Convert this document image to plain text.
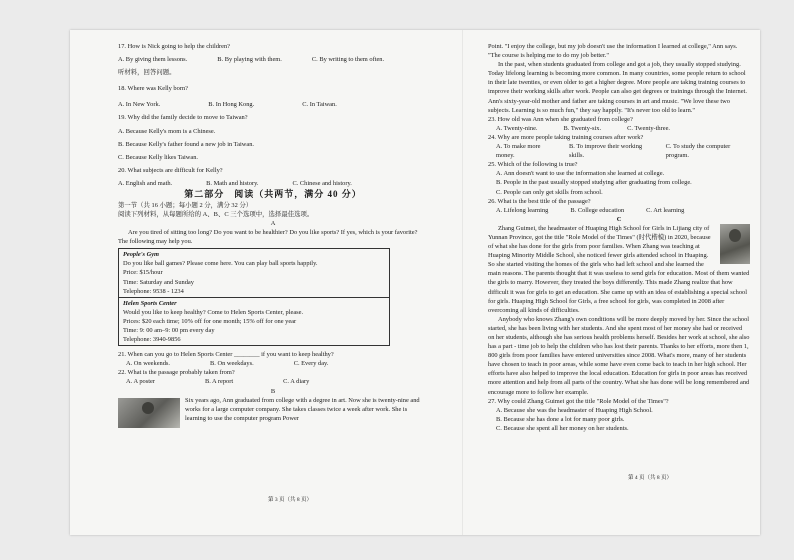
17. How is Nick going to help the children?

A. By giving them lessons.	B. By playing with them.	C. By writing to them often.

听材料，回答问题。

18. Where was Kelly born?

A. In New York.	B. In Hong Kong.	C. In Taiwan.

19. Why did the family decide to move to Taiwan?

A. Because Kelly's mom is a Chinese.

B. Because Kelly's father found a new job in Taiwan.

C. Because Kelly likes Taiwan.

20. What subjects are difficult for Kelly?

A. English and math.	B. Math and history.	C. Chinese and history.

第二部分　阅读（共两节，满分 40 分）

第一节（共 16 小题；每小题 2 分，满分 32 分）

阅读下列材料，从每题所给的 A、B、C 三个选项中，选择最佳选项。

A

Are you tired of sitting too long? Do you want to be healthier? Do you like sports? If yes, which is your favorite? The following may help you.

People's Gym

Do you like ball games? Please come here. You can play ball sports happily.

Price: $15/hour

Time: Saturday and Sunday

Telephone: 9538 - 1234

Helen Sports Center

Would you like to keep healthy? Come to Helen Sports Center, please.

Prices: $20 each time; 10% off for one month; 15% off for one year

Time: 9: 00 am–9: 00 pm every day

Telephone: 3940-9856

21. When can you go to Helen Sports Center ________ if you want to keep healthy?

A. On weekends.	B. On weekdays.	C. Every day.

22. What is the passage probably taken from?

A. A poster	B. A report	C. A diary

B

Six years ago, Ann graduated from college with a degree in art. Now she is twenty-nine and works for a large computer company. She takes classes twice a week after work. She is learning to use the computer program Power

第 3 页（共 8 页）

Point. "I enjoy the college, but my job doesn't use the information I learned at college," Ann says. "The course is helping me to do my job better."

In the past, when students graduated from college and got a job, they usually stopped studying. Today lifelong learning is becoming more common. In many countries, some people return to school in their late twenties, or even older to get a higher degree. More people are taking training courses to improve their working skills after work. People can also get degrees or trainings through the Internet. Ann's sixty-year-old mother and father are taking courses in art and music. "We love these two subjects. Learning is so much fun," they say happily. "It's never too old to learn."

23. How old was Ann when she graduated from college?

A. Twenty-nine.	B. Twenty-six.	C. Twenty-three.

24. Why are more people taking training courses after work?

A. To make more money.
B. To improve their working skills.
C. To study the computer program.

25. Which of the following is true?

A. Ann doesn't want to use the information she learned at college.

B. People in the past usually stopped studying after graduating from college.

C. People can only get skills from school.

26. What is the best title of the passage?

A. Lifelong learning	B. College education	C. Art learning

C

Zhang Guimei, the headmaster of Huaping High School for Girls in Lijiang city of Yunnan Province, got the title "Role Model of the Times" (时代楷模) in 2020, because of what she has done for the girls from poor families. When Zhang was teaching at Huaping Minority Middle School, she noticed fewer girls attended school in Huaping. So she started visiting the homes of the girls who had left school and she learned the main reasons. The parents thought that it was useless to send girls for education. Most of them wanted the girls to marry. However, they treated the boys differently. This made Zhang realize that how difficult it was for girls to get an education. She came up with an idea of establishing a special school for girls. Huaping High School for Girls, a free school for girls, was completed in 2008 after overcoming all kinds of difficulties.

Anybody who knows Zhang's own conditions will be more deeply moved by her. Since the school started, she has been living with her students. And she spent most of her money she had or received on her students, although she has serious health problems herself. Besides her work at school, she also has a part - time job to help the children who has lost their parents. Thanks to her efforts, more then 1, 800 girls from poor families have entered universities since 2008. What's more, many of her students have chosen to teach in poor areas, while some have even come back to teach in her high school. Her efforts have also helped to improve the local education. Education for girls in poor areas has received more attention and help from all parts of the country. What she has done will be long remembered and encourage more to follow her example.

27. Why could Zhang Guimei got the title "Role Model of the Times"?

A. Because she was the headmaster of Huaping High School.

B. Because she has done a lot for many poor girls.

C. Because she spent all her money on her students.

第 4 页（共 8 页）
